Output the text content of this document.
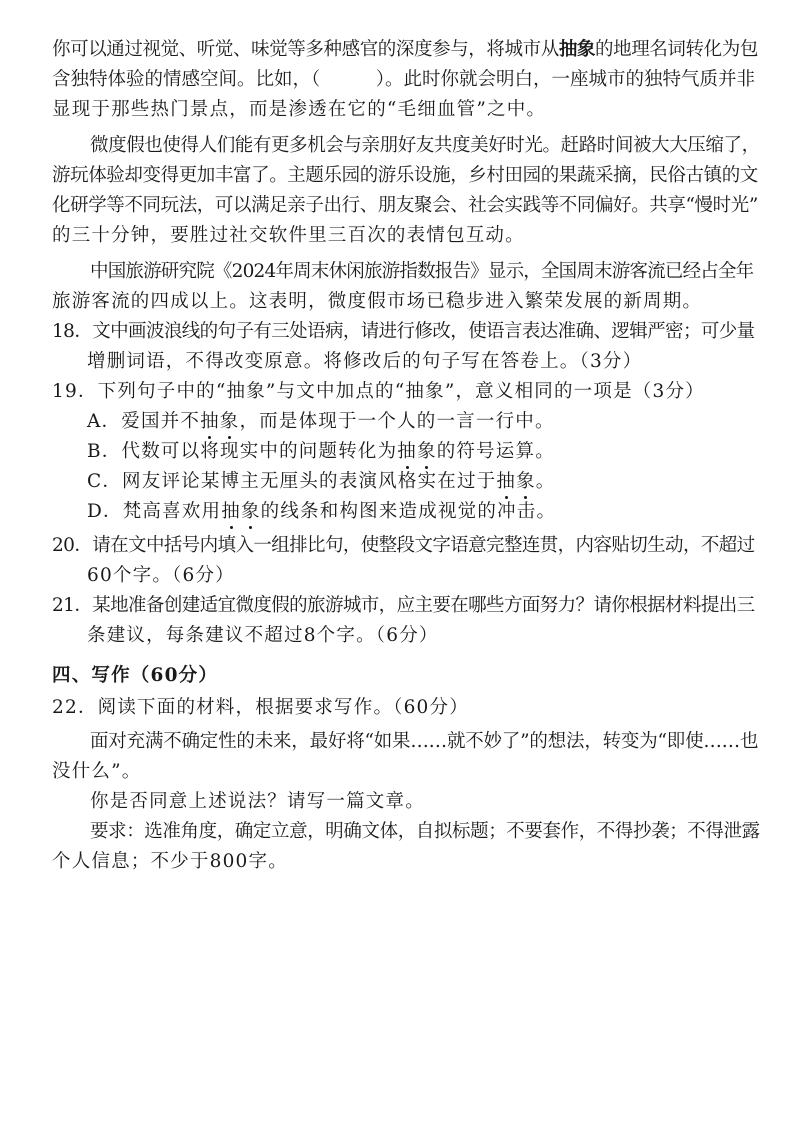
你可以通过视觉、听觉、味觉等多种感官的深度参与，将城市从抽象的地理名词转化为包
含独特体验的情感空间。比如，（　　　）。此时你就会明白，一座城市的独特气质并非
显现于那些热门景点，而是渗透在它的“毛细血管”之中。
微度假也使得人们能有更多机会与亲朋好友共度美好时光。赶路时间被大大压缩了，
游玩体验却变得更加丰富了。主题乐园的游乐设施，乡村田园的果蔬采摘，民俗古镇的文
化研学等不同玩法，可以满足亲子出行、朋友聚会、社会实践等不同偏好。共享“慢时光”
的三十分钟，要胜过社交软件里三百次的表情包互动。
中国旅游研究院《2024年周末休闲旅游指数报告》显示，全国周末游客流已经占全年
旅游客流的四成以上。这表明，微度假市场已稳步进入繁荣发展的新周期。
18．文中画波浪线的句子有三处语病，请进行修改，使语言表达准确、逻辑严密；可少量
增删词语，不得改变原意。将修改后的句子写在答卷上。（3分）
19．下列句子中的“抽象”与文中加点的“抽象”，意义相同的一项是（3分）
A．爱国并不抽象，而是体现于一个人的一言一行中。
B．代数可以将现实中的问题转化为抽象的符号运算。
C．网友评论某博主无厘头的表演风格实在过于抽象。
D．梵高喜欢用抽象的线条和构图来造成视觉的冲击。
20．请在文中括号内填入一组排比句，使整段文字语意完整连贯，内容贴切生动，不超过
60个字。（6分）
21．某地准备创建适宜微度假的旅游城市，应主要在哪些方面努力？请你根据材料提出三
条建议，每条建议不超过8个字。（6分）
四、写作（60分）
22．阅读下面的材料，根据要求写作。（60分）
面对充满不确定性的未来，最好将“如果……就不妙了”的想法，转变为“即使……也
没什么”。
你是否同意上述说法？请写一篇文章。
要求：选准角度，确定立意，明确文体，自拟标题；不要套作，不得抄袭；不得泄露
个人信息；不少于800字。
